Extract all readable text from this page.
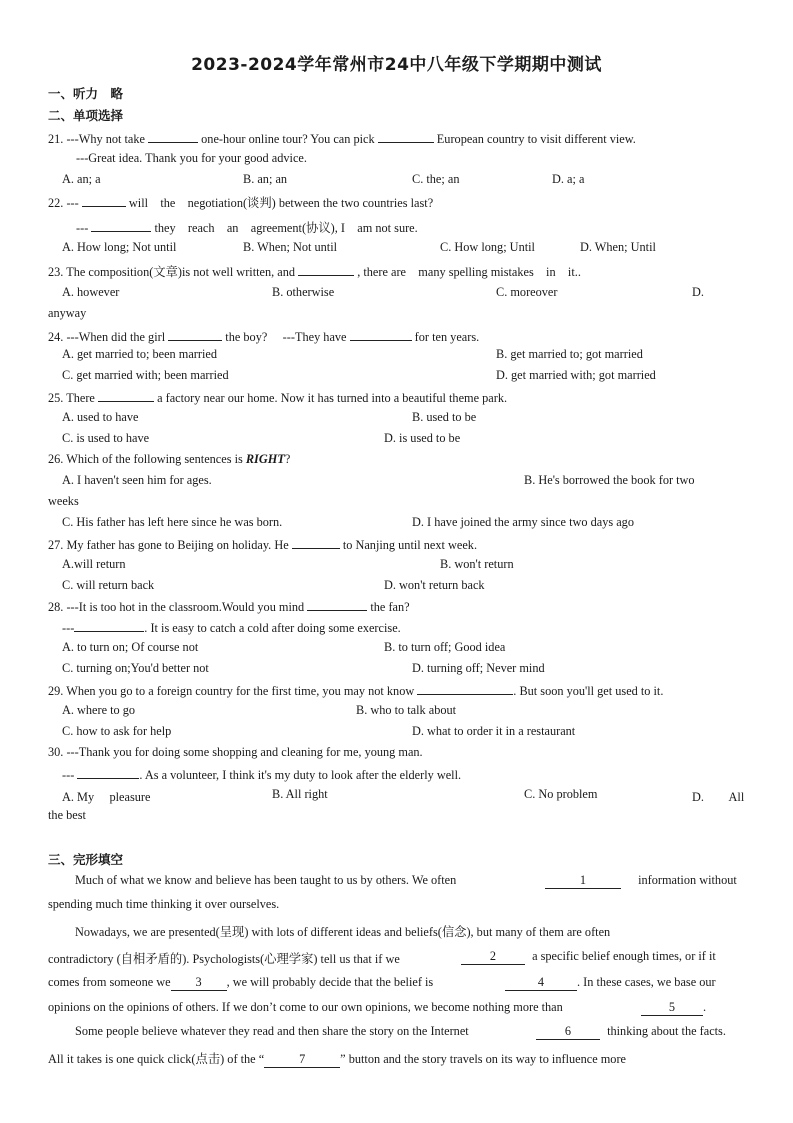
2023-2024学年常州市24中八年级下学期期中测试
一、听力　略
二、单项选择
21. ---Why not take	one-hour online tour? You can pick	European country to visit different view.
---Great idea. Thank you for your good advice.
A. an; a	B. an; an	C. the; an	D. a; a
22. ---	will　the　negotiation(谈判) between the two countries last?
---	they　reach　an　agreement(协议), I　am not sure.
A. How long; Not until	B. When; Not until	C. How long; Until	D. When; Until
23. The composition(文章)is not well written, and	, there are　many spelling mistakes　in　it..
A. however	B. otherwise	C. moreover	D.
anyway
24. ---When did the girl	the boy?　 ---They have	for ten years.
A. get married to; been married	B. get married to; got married
C. get married with; been married	D. get married with; got married
25. There	a factory near our home. Now it has turned into a beautiful theme park.
A. used to have	B. used to be
C. is used to have	D. is used to be
26. Which of the following sentences is RIGHT?
A. I haven't seen him for ages.	B. He's borrowed the book for two
weeks
C. His father has left here since he was born.	D. I have joined the army since two days ago
27. My father has gone to Beijing on holiday. He	to Nanjing until next week.
A.will return	B. won't return
C. will return back	D. won't return back
28. ---It is too hot in the classroom.Would you mind	the fan?
---	. It is easy to catch a cold after doing some exercise.
A. to turn on; Of course not	B. to turn off; Good idea
C. turning on;You'd better not	D. turning off; Never mind
29. When you go to a foreign country for the first time, you may not know	. But soon you'll get used to it.
A. where to go	B. who to talk about
C. how to ask for help	D. what to order it in a restaurant
30. ---Thank you for doing some shopping and cleaning for me, young man.
---	. As a volunteer, I think it's my duty to look after the elderly well.
A. My　 pleasure	B. All right	C. No problem	D.　　All
the best
三、完形填空
Much of what we know and believe has been taught to us by others. We often	1	information without
spending much time thinking it over ourselves.
Nowadays, we are presented(呈现) with lots of different ideas and beliefs(信念), but many of them are often
contradictory (自相矛盾的). Psychologists(心理学家) tell us that if we	2	a specific belief enough times, or if it
comes from someone we 3 , we will probably decide that the belief is	4	. In these cases, we base our
opinions on the opinions of others. If we don’t come to our own opinions, we become nothing more than	5 .
Some people believe whatever they read and then share the story on the Internet	6	thinking about the facts.
All it takes is one quick click(点击) of the “	7	” button and the story travels on its way to influence more
